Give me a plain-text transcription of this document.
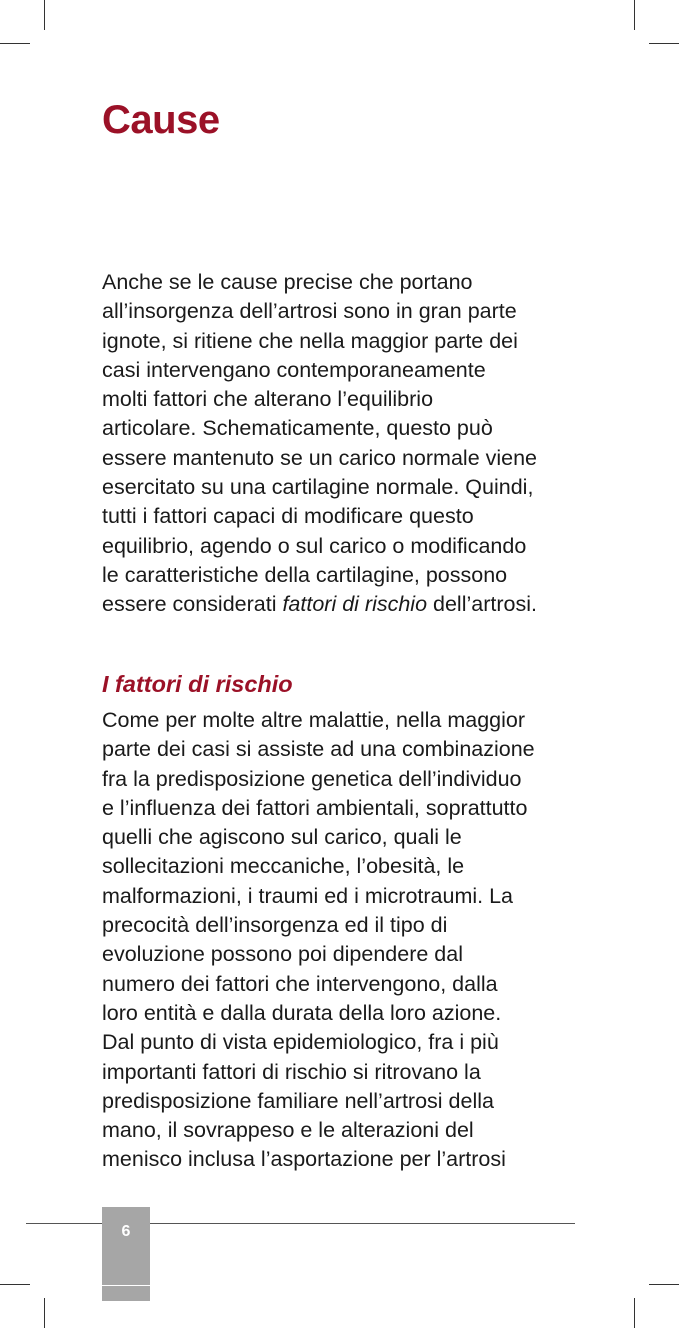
Cause
Anche se le cause precise che portano
all’insorgenza dell’artrosi sono in gran parte
ignote, si ritiene che nella maggior parte dei
casi intervengano contemporaneamente
molti fattori che alterano l’equilibrio
articolare. Schematicamente, questo può
essere mantenuto se un carico normale viene
esercitato su una cartilagine normale. Quindi,
tutti i fattori capaci di modificare questo
equilibrio, agendo o sul carico o modificando
le caratteristiche della cartilagine, possono
essere considerati fattori di rischio dell’artrosi.
I fattori di rischio
Come per molte altre malattie, nella maggior
parte dei casi si assiste ad una combinazione
fra la predisposizione genetica dell’individuo
e l’influenza dei fattori ambientali, soprattutto
quelli che agiscono sul carico, quali le
sollecitazioni meccaniche, l’obesità, le
malformazioni, i traumi ed i microtraumi. La
precocità dell’insorgenza ed il tipo di
evoluzione possono poi dipendere dal
numero dei fattori che intervengono, dalla
loro entità e dalla durata della loro azione.
Dal punto di vista epidemiologico, fra i più
importanti fattori di rischio si ritrovano la
predisposizione familiare nell’artrosi della
mano, il sovrappeso e le alterazioni del
menisco inclusa l’asportazione per l’artrosi
6
